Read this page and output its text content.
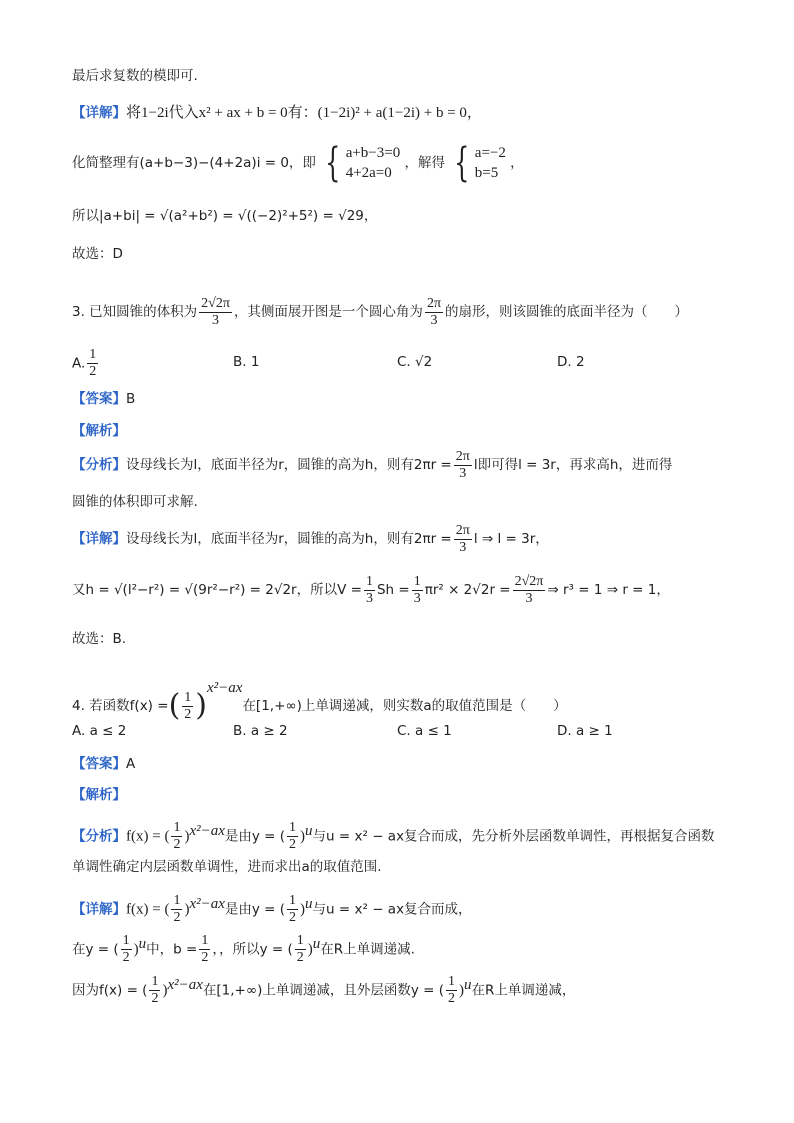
最后求复数的模即可.
【详解】将1−2i代入x² + ax + b = 0有：(1−2i)² + a(1−2i) + b = 0，
化简整理有(a+b−3)−(4+2a)i = 0，即 { a+b−3=0
4+2a=0
，解得 { a=−2
b=5
，
所以|a+bi| = √(a²+b²) = √((−2)²+5²) = √29，
故选：D
3. 已知圆锥的体积为 $\frac{2√2\pi}{3}$ ，其侧面展开图是一个圆心角为 $\frac{2\pi}{3}$ 的扇形，则该圆锥的底面半径为（　　）
A. $\frac{1}{2}$	B. 1	C. √2	D. 2
【答案】B
【解析】
【分析】设母线长为l，底面半径为r，圆锥的高为h，则有$2\pi r = \frac{2\pi}{3}$ l即可得l = 3r，再求高h，进而得
圆锥的体积即可求解.
【详解】设母线长为l，底面半径为r，圆锥的高为h，则有$2\pi r = \frac{2\pi}{3}$ l ⇒ l = 3r，
又h = √(l²−r²) = √(9r²−r²) = 2√2r，所以$V = \frac{1}{3}$ $Sh = \frac{1}{3} \pi r^2 \times 2√2r = \frac{2√2\pi}{3}$ ⇒ r³ = 1 ⇒ r = 1，
故选：B.
4. 若函数f(x) =( $\frac{1}{2} )^{x^2-ax}$在[1,+∞)上单调递减，则实数a的取值范围是（　　）
A. a ≤ 2	B. a ≥ 2	C. a ≤ 1	D. a ≥ 1
【答案】A
【解析】
【分析】f(x) = ( $\frac{1}{2} )^{x^2-ax}$是由y = ( $\frac{1}{2} )^u$与u = x² − ax复合而成，先分析外层函数单调性，再根据复合函数
单调性确定内层函数单调性，进而求出a的取值范围.
【详解】f(x) = ( $\frac{1}{2} )^{x^2-ax}$是由y = ( $\frac{1}{2} )^u$与u = x² − ax复合而成，
在y = ( $\frac{1}{2} )^u$中，$b = \frac{1}{2}$ ，，所以y = ( $\frac{1}{2} )^u$在R上单调递减.
因为f(x) = ( $\frac{1}{2} )^{x^2-ax}$在[1,+∞)上单调递减，且外层函数y = ( $\frac{1}{2} )^u$在R上单调递减，
